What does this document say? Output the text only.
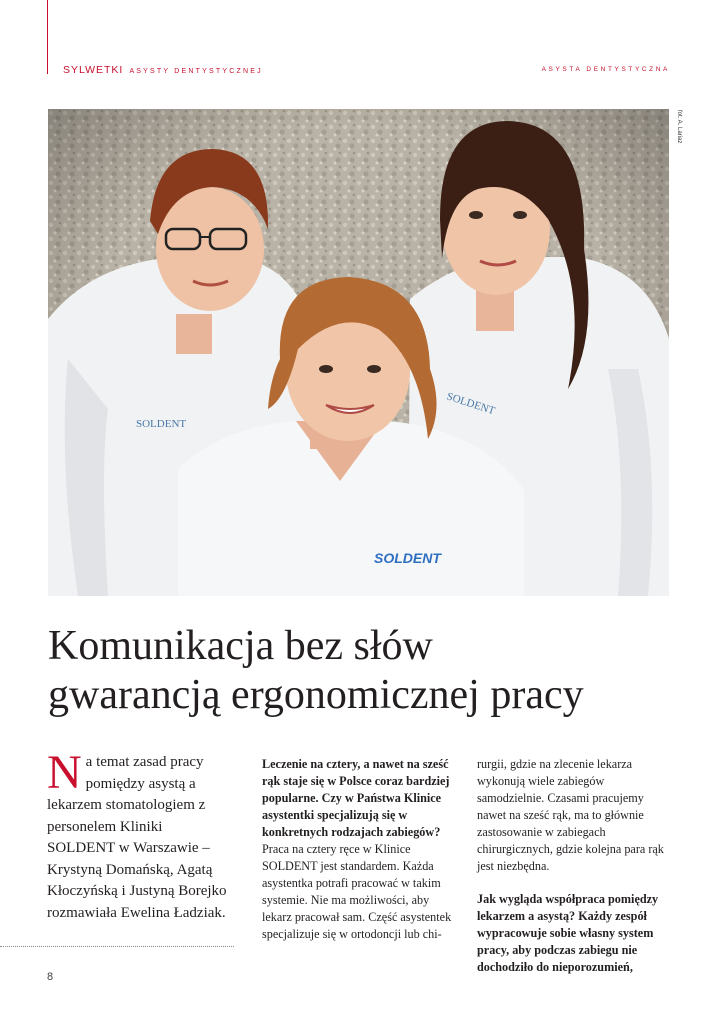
SYLWETKI ASYSTY DENTYSTYCZNEJ	ASYSTA DENTYSTYCZNA
SOLDENT
SOLDENT
SOLDENT
fot. A. Lariaz
Komunikacja bez słów
gwarancją ergonomicznej pracy
Na temat zasad pracy pomiędzy asystą a lekarzem stomatologiem z personelem Kliniki SOLDENT w Warszawie – Krystyną Domańską, Agatą Kłoczyńską i Justyną Borejko rozmawiała Ewelina Ładziak.

Leczenie na cztery, a nawet na sześć rąk staje się w Polsce coraz bardziej popularne. Czy w Państwa Klinice asystentki specjalizują się w konkretnych rodzajach zabiegów?

Praca na cztery ręce w Klinice SOLDENT jest standardem. Każda asystentka potrafi pracować w takim systemie. Nie ma możliwości, aby lekarz pracował sam. Część asystentek specjalizuje się w ortodoncji lub chi-

rurgii, gdzie na zlecenie lekarza wykonują wiele zabiegów samodzielnie. Czasami pracujemy nawet na sześć rąk, ma to głównie zastosowanie w zabiegach chirurgicznych, gdzie kolejna para rąk jest niezbędna.

Jak wygląda współpraca pomiędzy lekarzem a asystą? Każdy zespół wypracowuje sobie własny system pracy, aby podczas zabiegu nie dochodziło do nieporozumień,

8
